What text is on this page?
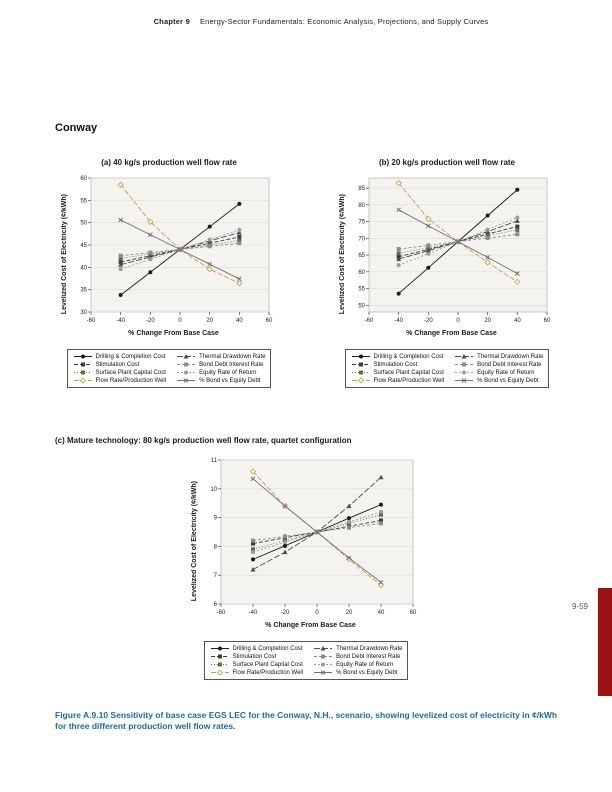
Chapter 9 Energy-Sector Fundamentals: Economic Analysis, Projections, and Supply Curves
Conway
(a) 40 kg/s production well flow rate
Levelized Cost of Electricity (¢/kWh) 30
35
40
45
50
55
60
-60	-40	-20	0	20	40	60
% Change From Base Case
Drilling & Completion Cost
Stimulation Cost
Surface Plant Capital Cost
Flow Rate/Production Well
Thermal Drawdown Rate
Bond Debt Interest Rate
Equity Rate of Return
% Bond vs Equity Debt
(b) 20 kg/s production well flow rate
Levelized Cost of Electricity (¢/kWh) 50
55
60
65
70
75
80
85
-60	-40	-20	0	20	40	60
% Change From Base Case
Drilling & Completion Cost
Stimulation Cost
Surface Plant Capital Cost
Flow Rate/Production Well
Thermal Drawdown Rate
Bond Debt Interest Rate
Equity Rate of Return
% Bond vs Equity Debt
(c) Mature technology: 80 kg/s production well flow rate, quartet configuration
Levelized Cost of Electricity (¢/kWh)
6
7
8
9
10
11
-60	-40	-20	0	20	40	60
% Change From Base Case
Drilling & Completion Cost
Stimulation Cost
Surface Plant Capital Cost
Flow Rate/Production Well
Thermal Drawdown Rate
Bond Debt Interest Rate
Equity Rate of Return
% Bond vs Equity Debt
Figure A.9.10 Sensitivity of base case EGS LEC for the Conway, N.H., scenario, showing levelized cost of electricity in ¢/kWh for three different production well flow rates.
9-59
